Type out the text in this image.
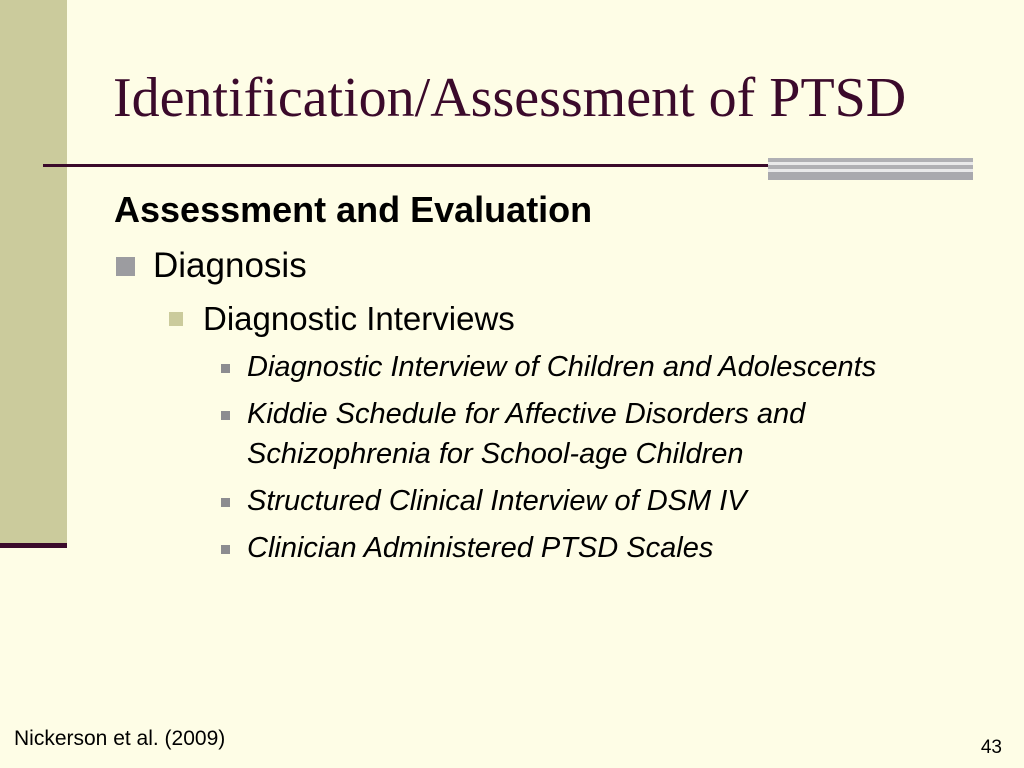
Identification/Assessment of PTSD
Assessment and Evaluation
Diagnosis
Diagnostic Interviews
Diagnostic Interview of Children and Adolescents
Kiddie Schedule for Affective Disorders and Schizophrenia for School-age Children
Structured Clinical Interview of DSM IV
Clinician Administered PTSD Scales
Nickerson et al. (2009)	43
